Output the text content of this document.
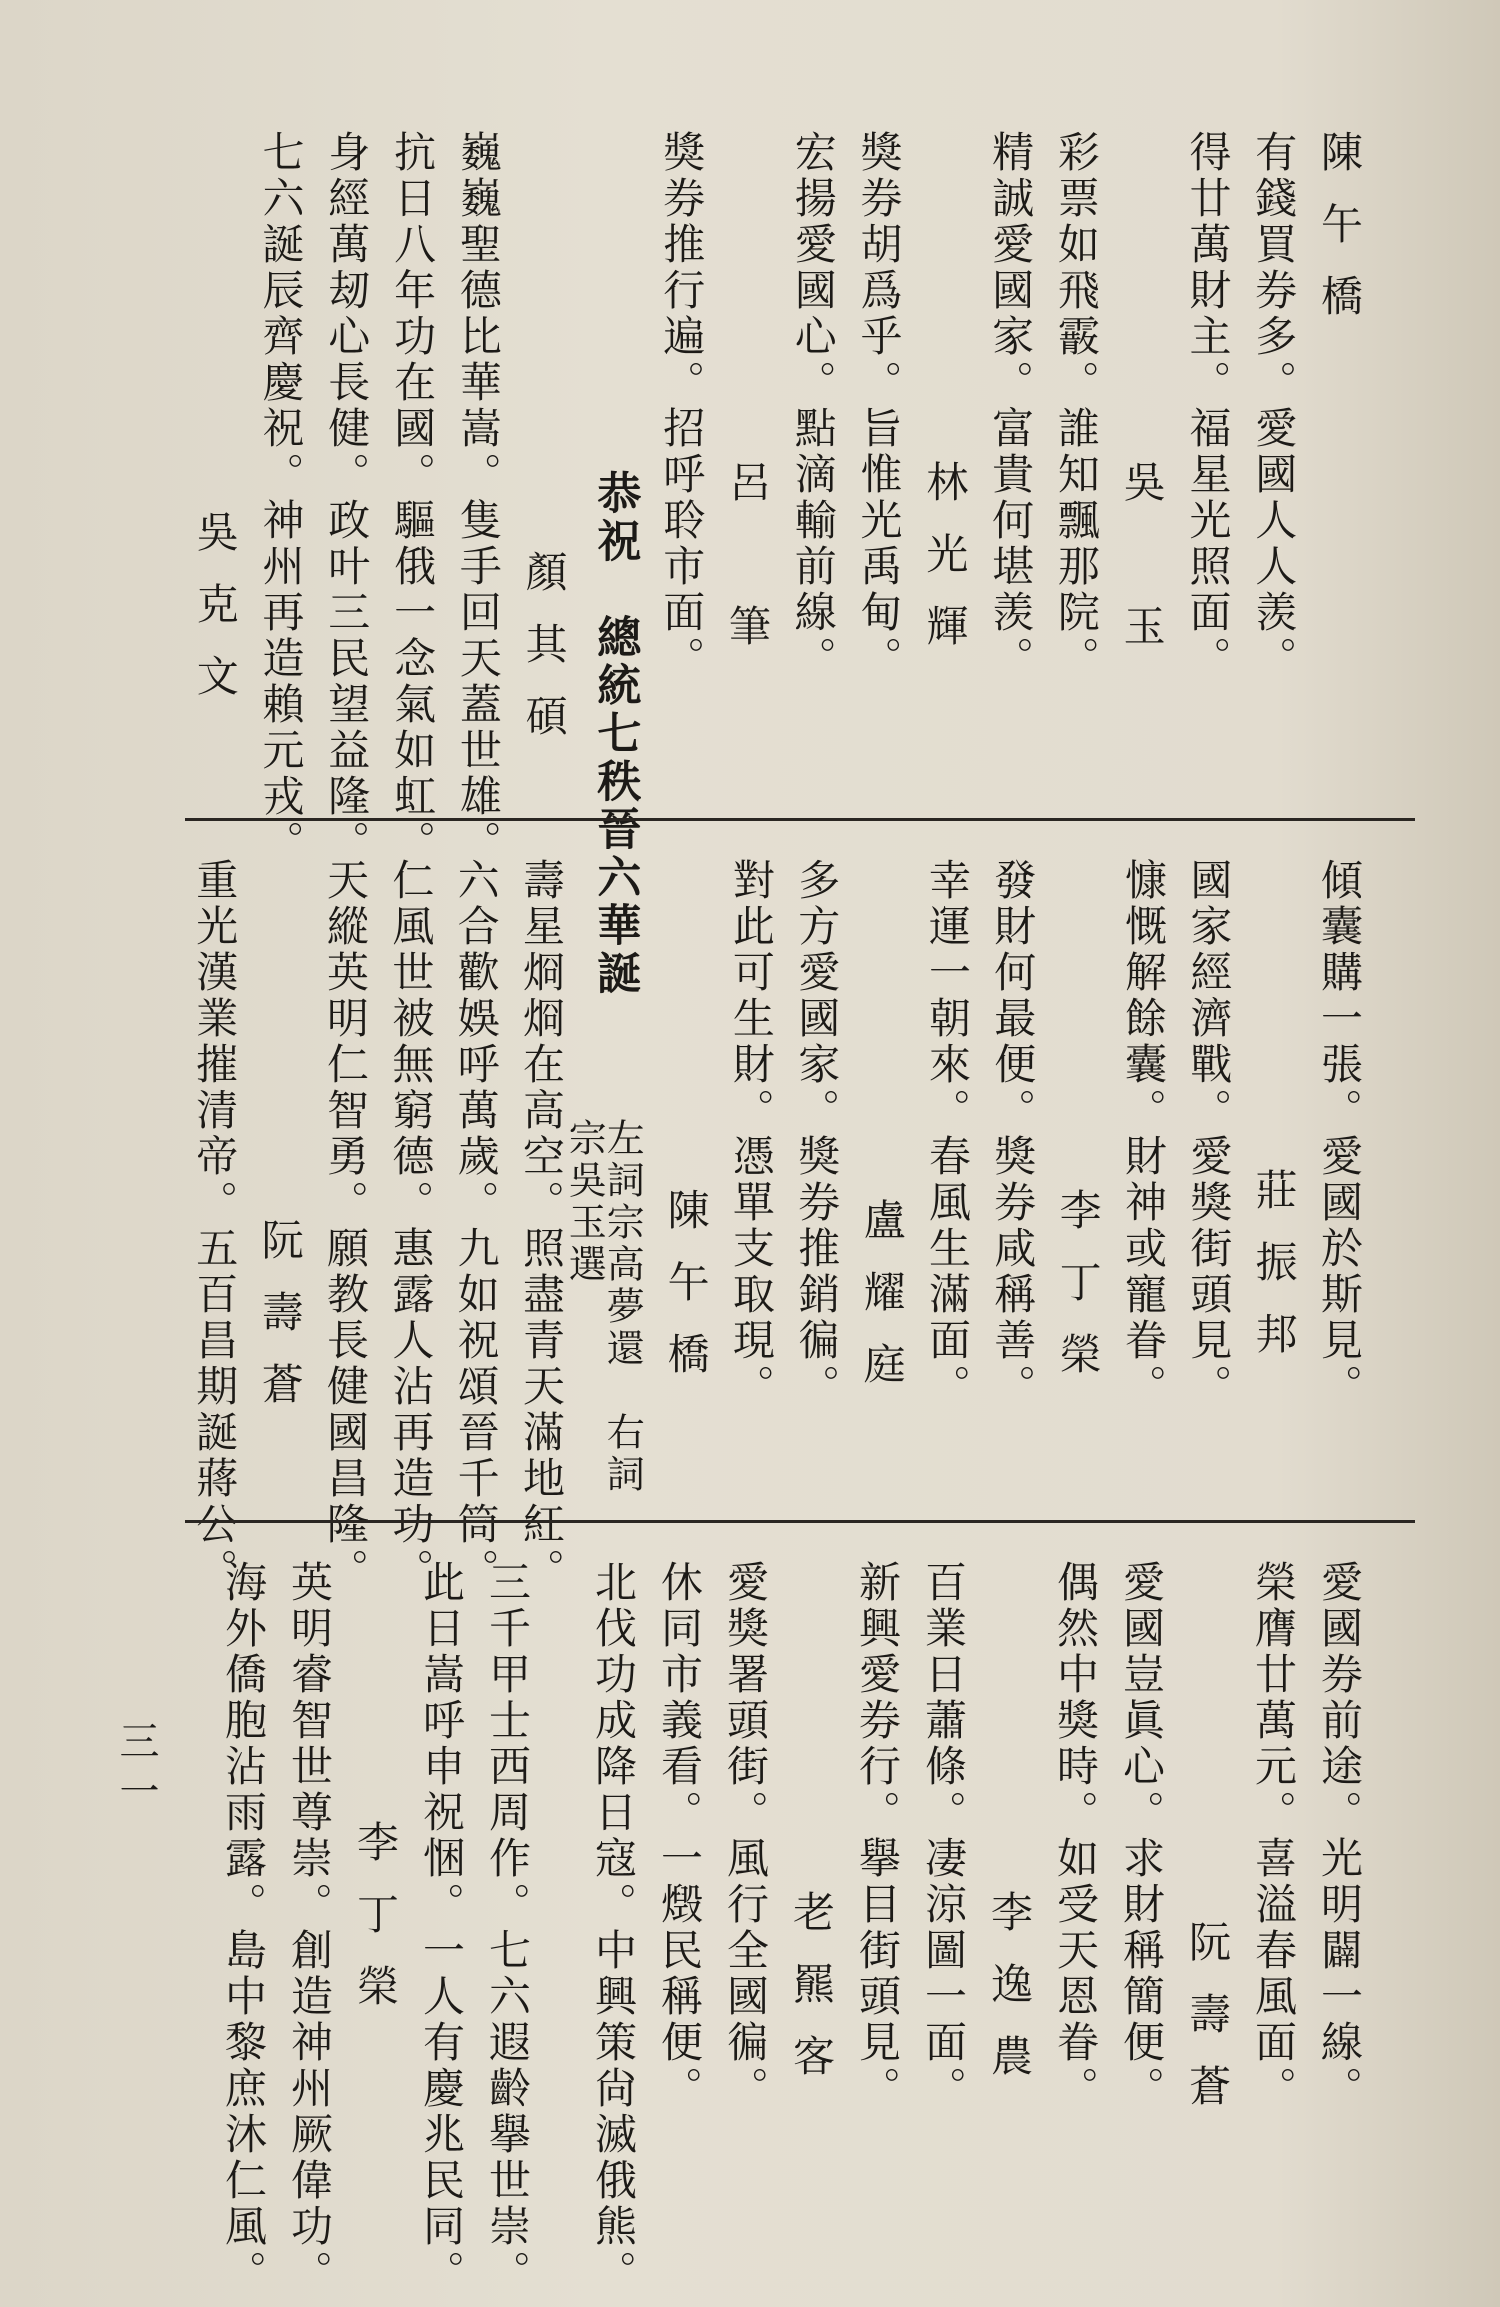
陳午橋
有錢買券多。愛國人人羡。
得廿萬財主。福星光照面。
吳　玉
彩票如飛霰。誰知飄那院。
精誠愛國家。富貴何堪羡。
林光輝
獎券胡爲乎。旨惟光禹甸。
宏揚愛國心。點滴輸前線。
呂　筆
獎券推行遍。招呼聆市面。
恭祝　總統七秩晉六華誕
顏其碩
巍巍聖德比華嵩。隻手回天蓋世雄。
抗日八年功在國。驅俄一念氣如虹。
身經萬刼心長健。政叶三民望益隆。
七六誕辰齊慶祝。神州再造賴元戎。
吳克文
傾囊購一張。愛國於斯見。
莊振邦
國家經濟戰。愛獎街頭見。
慷慨解餘囊。財神或寵眷。
李丁榮
發財何最便。獎券咸稱善。
幸運一朝來。春風生滿面。
盧耀庭
多方愛國家。獎券推銷徧。
對此可生財。憑單支取現。
陳午橋
左詞宗高夢還　右詞宗吳玉選
壽星烱烱在高空。照盡青天滿地紅。
六合歡娛呼萬歲。九如祝頌晉千筒。
仁風世被無窮德。惠露人沾再造功。
天縱英明仁智勇。願教長健國昌隆。
阮壽蒼
重光漢業摧清帝。五百昌期誕蔣公。
愛國券前途。光明闢一線。
榮膺廿萬元。喜溢春風面。
阮壽蒼
愛國豈眞心。求財稱簡便。
偶然中獎時。如受天恩眷。
李逸農
百業日蕭條。凄涼圖一面。
新興愛券行。擧目街頭見。
老羆客
愛獎署頭街。風行全國徧。
休同市義看。一燬民稱便。
北伐功成降日寇。中興策尙滅俄熊。
三千甲士西周作。七六遐齡擧世崇。
此日嵩呼申祝悃。一人有慶兆民同。
李丁榮
英明睿智世尊崇。創造神州厥偉功。
海外僑胞沾雨露。島中黎庶沐仁風。
三一
